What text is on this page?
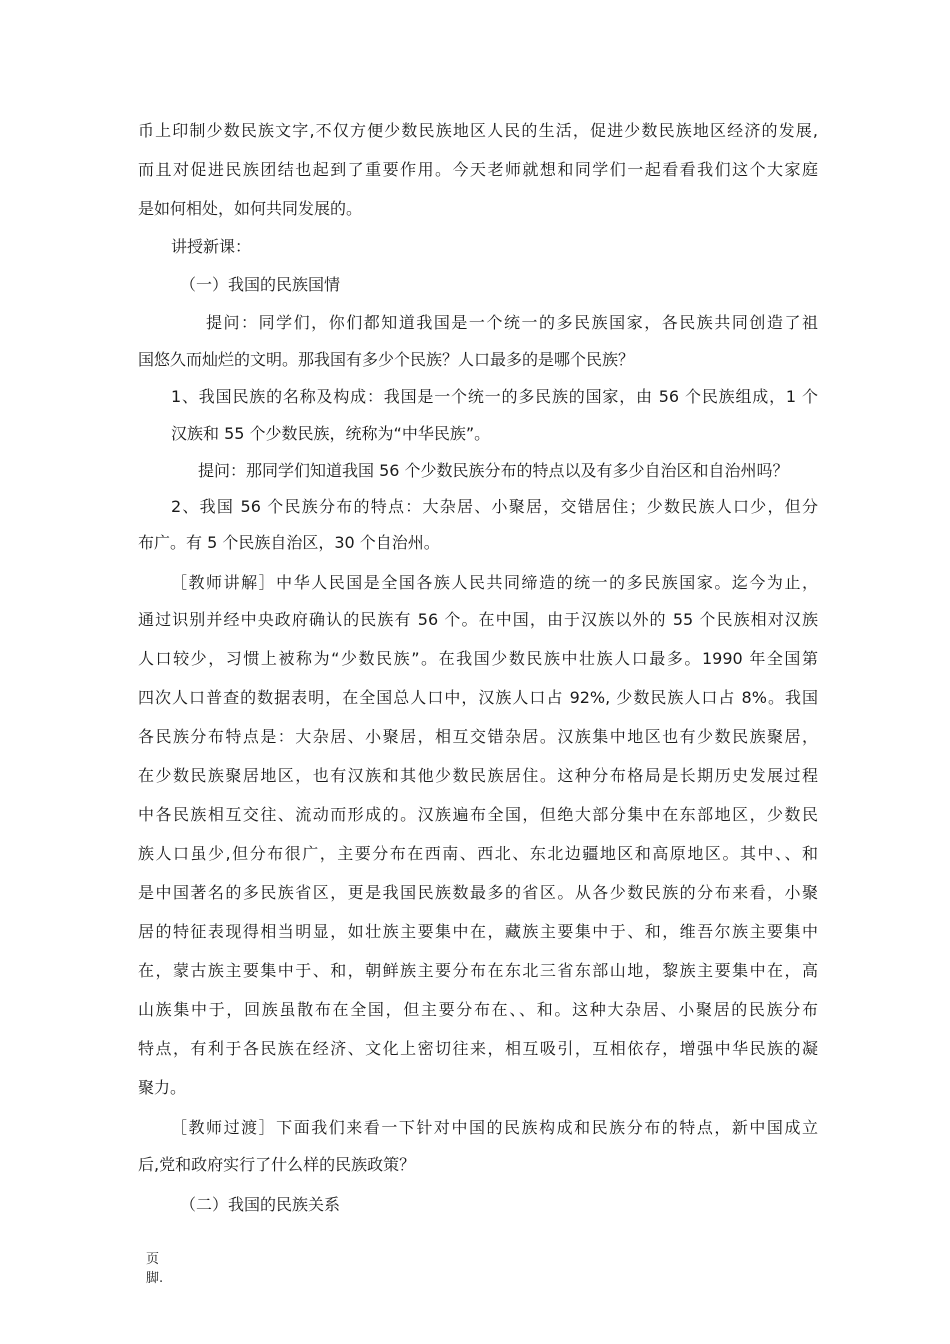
币上印制少数民族文字,不仅方便少数民族地区人民的生活，促进少数民族地区经济的发展,
而且对促进民族团结也起到了重要作用。今天老师就想和同学们一起看看我们这个大家庭
是如何相处，如何共同发展的。
讲授新课：
（一）我国的民族国情
提问：同学们，你们都知道我国是一个统一的多民族国家，各民族共同创造了祖
国悠久而灿烂的文明。那我国有多少个民族？人口最多的是哪个民族？
1、我国民族的名称及构成：我国是一个统一的多民族的国家，由 56 个民族组成，1 个
汉族和 55 个少数民族，统称为“中华民族”。
提问：那同学们知道我国 56 个少数民族分布的特点以及有多少自治区和自治州吗？
2、我国 56 个民族分布的特点：大杂居、小聚居，交错居住；少数民族人口少，但分
布广。有 5 个民族自治区，30 个自治州。
［教师讲解］中华人民国是全国各族人民共同缔造的统一的多民族国家。迄今为止，
通过识别并经中央政府确认的民族有 56 个。在中国，由于汉族以外的 55 个民族相对汉族
人口较少，习惯上被称为“少数民族”。在我国少数民族中壮族人口最多。1990 年全国第
四次人口普查的数据表明，在全国总人口中，汉族人口占 92%, 少数民族人口占 8%。我国
各民族分布特点是：大杂居、小聚居，相互交错杂居。汉族集中地区也有少数民族聚居，
在少数民族聚居地区，也有汉族和其他少数民族居住。这种分布格局是长期历史发展过程
中各民族相互交往、流动而形成的。汉族遍布全国，但绝大部分集中在东部地区，少数民
族人口虽少,但分布很广，主要分布在西南、西北、东北边疆地区和高原地区。其中、、和
是中国著名的多民族省区，更是我国民族数最多的省区。从各少数民族的分布来看，小聚
居的特征表现得相当明显，如壮族主要集中在，藏族主要集中于、和，维吾尔族主要集中
在，蒙古族主要集中于、和，朝鲜族主要分布在东北三省东部山地，黎族主要集中在，高
山族集中于，回族虽散布在全国，但主要分布在、、和。这种大杂居、小聚居的民族分布
特点，有利于各民族在经济、文化上密切往来，相互吸引，互相依存，增强中华民族的凝
聚力。
［教师过渡］下面我们来看一下针对中国的民族构成和民族分布的特点，新中国成立
后,党和政府实行了什么样的民族政策？
（二）我国的民族关系
页
脚.
